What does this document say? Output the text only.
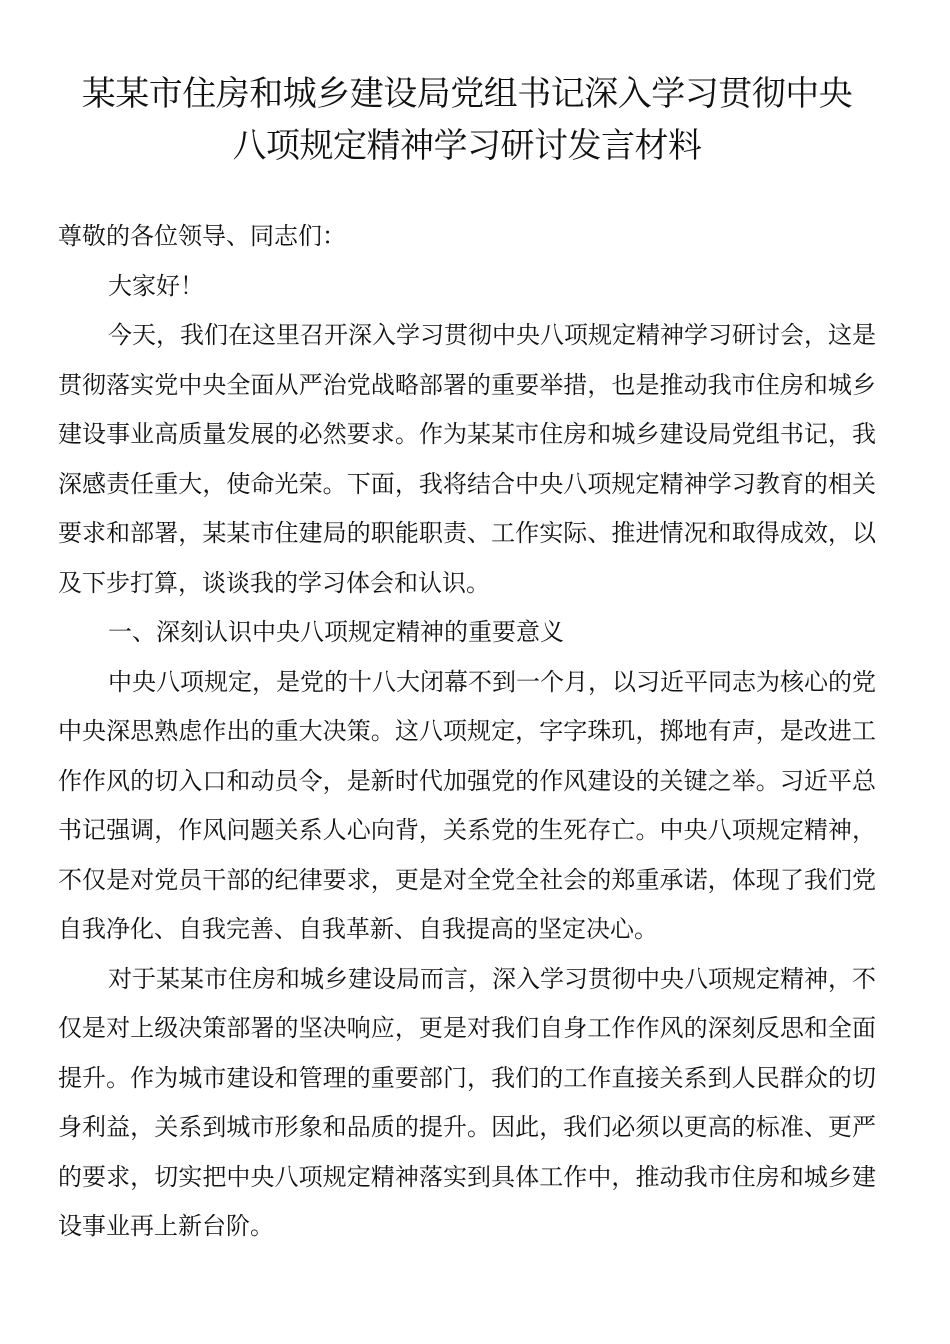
某某市住房和城乡建设局党组书记深入学习贯彻中央
八项规定精神学习研讨发言材料

尊敬的各位领导、同志们：

大家好！

今天，我们在这里召开深入学习贯彻中央八项规定精神学习研讨会，这是贯彻落实党中央全面从严治党战略部署的重要举措，也是推动我市住房和城乡建设事业高质量发展的必然要求。作为某某市住房和城乡建设局党组书记，我深感责任重大，使命光荣。下面，我将结合中央八项规定精神学习教育的相关要求和部署，某某市住建局的职能职责、工作实际、推进情况和取得成效，以及下步打算，谈谈我的学习体会和认识。

一、深刻认识中央八项规定精神的重要意义

中央八项规定，是党的十八大闭幕不到一个月，以习近平同志为核心的党中央深思熟虑作出的重大决策。这八项规定，字字珠玑，掷地有声，是改进工作作风的切入口和动员令，是新时代加强党的作风建设的关键之举。习近平总书记强调，作风问题关系人心向背，关系党的生死存亡。中央八项规定精神，不仅是对党员干部的纪律要求，更是对全党全社会的郑重承诺，体现了我们党自我净化、自我完善、自我革新、自我提高的坚定决心。

对于某某市住房和城乡建设局而言，深入学习贯彻中央八项规定精神，不仅是对上级决策部署的坚决响应，更是对我们自身工作作风的深刻反思和全面提升。作为城市建设和管理的重要部门，我们的工作直接关系到人民群众的切身利益，关系到城市形象和品质的提升。因此，我们必须以更高的标准、更严的要求，切实把中央八项规定精神落实到具体工作中，推动我市住房和城乡建设事业再上新台阶。
